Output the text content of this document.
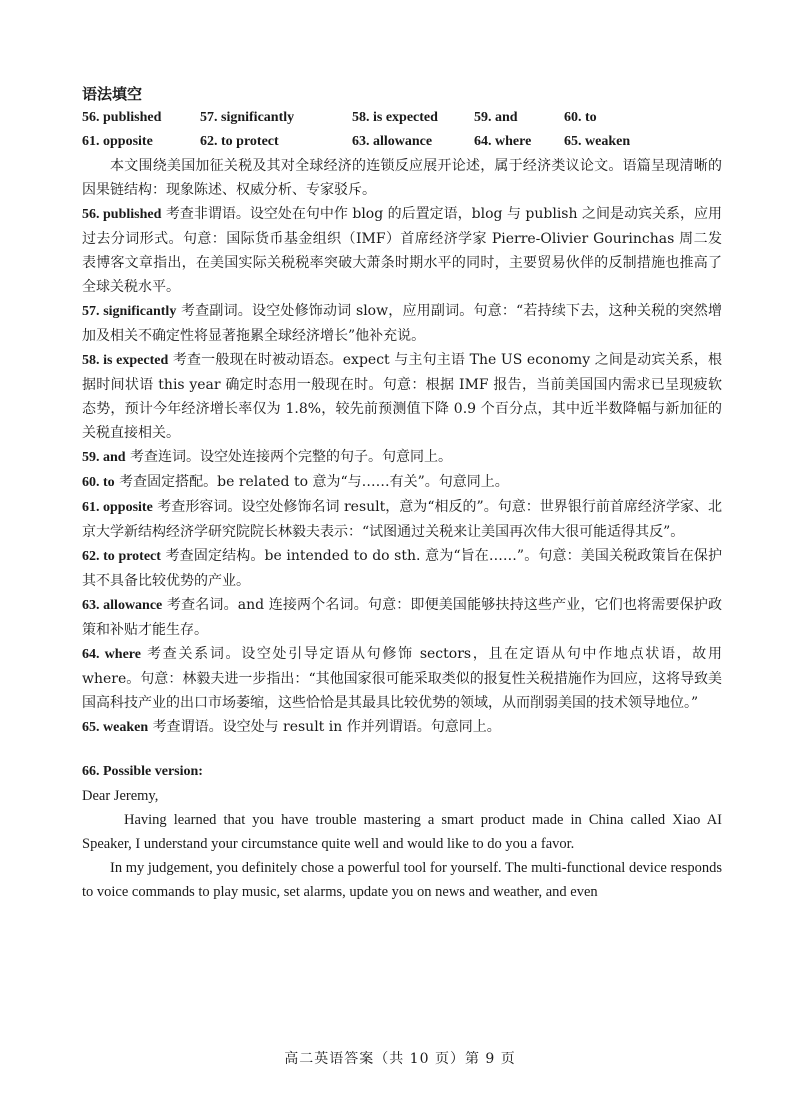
语法填空
56. published	57. significantly	58. is expected	59. and	60. to
61. opposite	62. to protect	63. allowance	64. where	65. weaken

本文围绕美国加征关税及其对全球经济的连锁反应展开论述，属于经济类议论文。语篇呈现清晰的因果链结构：现象陈述、权威分析、专家驳斥。

56. published 考查非谓语。设空处在句中作 blog 的后置定语，blog 与 publish 之间是动宾关系，应用过去分词形式。句意：国际货币基金组织（IMF）首席经济学家 Pierre-Olivier Gourinchas 周二发表博客文章指出，在美国实际关税税率突破大萧条时期水平的同时，主要贸易伙伴的反制措施也推高了全球关税水平。

57. significantly 考查副词。设空处修饰动词 slow，应用副词。句意：“若持续下去，这种关税的突然增加及相关不确定性将显著拖累全球经济增长”他补充说。

58. is expected 考查一般现在时被动语态。expect 与主句主语 The US economy 之间是动宾关系，根据时间状语 this year 确定时态用一般现在时。句意：根据 IMF 报告，当前美国国内需求已呈现疲软态势，预计今年经济增长率仅为 1.8%，较先前预测值下降 0.9 个百分点，其中近半数降幅与新加征的关税直接相关。

59. and 考查连词。设空处连接两个完整的句子。句意同上。

60. to 考查固定搭配。be related to 意为“与……有关”。句意同上。

61. opposite 考查形容词。设空处修饰名词 result，意为“相反的”。句意：世界银行前首席经济学家、北京大学新结构经济学研究院院长林毅夫表示：“试图通过关税来让美国再次伟大很可能适得其反”。

62. to protect 考查固定结构。be intended to do sth. 意为“旨在……”。句意：美国关税政策旨在保护其不具备比较优势的产业。

63. allowance 考查名词。and 连接两个名词。句意：即便美国能够扶持这些产业，它们也将需要保护政策和补贴才能生存。

64. where 考查关系词。设空处引导定语从句修饰 sectors，且在定语从句中作地点状语，故用 where。句意：林毅夫进一步指出：“其他国家很可能采取类似的报复性关税措施作为回应，这将导致美国高科技产业的出口市场萎缩，这些恰恰是其最具比较优势的领域，从而削弱美国的技术领导地位。”

65. weaken 考查谓语。设空处与 result in 作并列谓语。句意同上。

66. Possible version:

Dear Jeremy,

Having learned that you have trouble mastering a smart product made in China called Xiao AI Speaker, I understand your circumstance quite well and would like to do you a favor.

In my judgement, you definitely chose a powerful tool for yourself. The multi-functional device responds to voice commands to play music, set alarms, update you on news and weather, and even

高二英语答案（共 10 页）第 9 页
